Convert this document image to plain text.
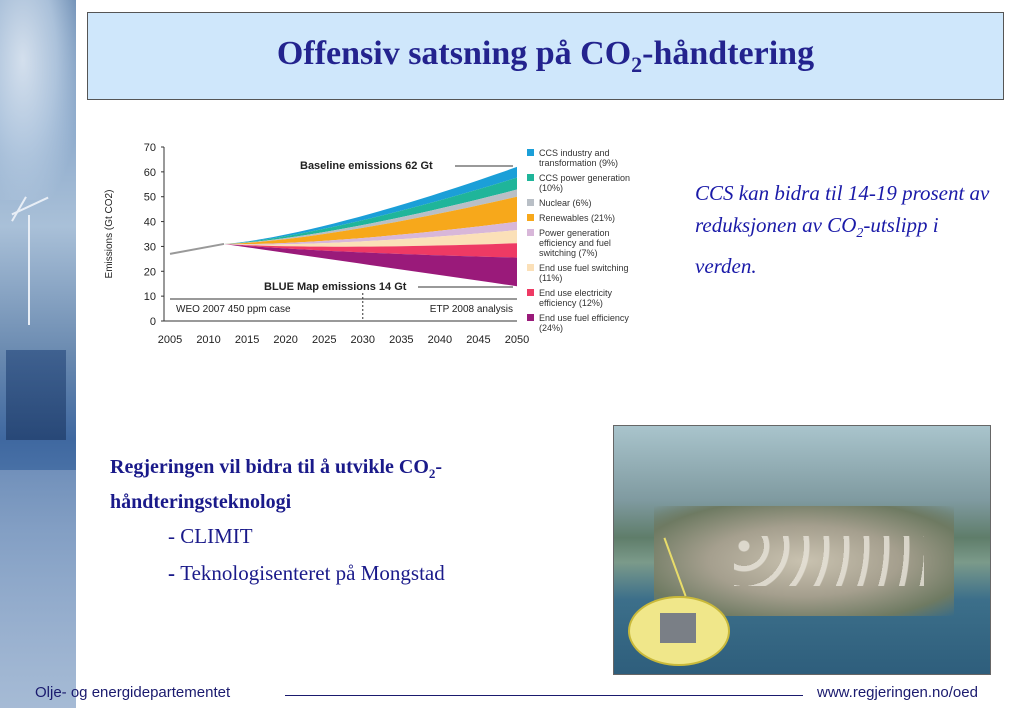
Offensiv satsning på $CO_2$-håndtering
0
10
20
30
40
50
60
70
2005 2010 2015 2020 2025 2030 2035 2040 2045 2050
Emissions (Gt CO2)
Baseline emissions 62 Gt
BLUE Map emissions 14 Gt
WEO 2007 450 ppm case	ETP 2008 analysis
CCS industry and
transformation (9%)
CCS power generation
(10%)
Nuclear (6%)
Renewables (21%)
Power generation
efficiency and fuel
switching (7%)
End use fuel switching
(11%)
End use electricity
efficiency (12%)
End use fuel efficiency
(24%)
CCS kan bidra til 14-19 prosent av reduksjonen av $CO_2$-utslipp i verden.
Regjeringen vil bidra til å utvikle $CO_2$-håndteringsteknologi
- CLIMIT
- Teknologisenteret på Mongstad
Olje- og energidepartementet	www.regjeringen.no/oed
